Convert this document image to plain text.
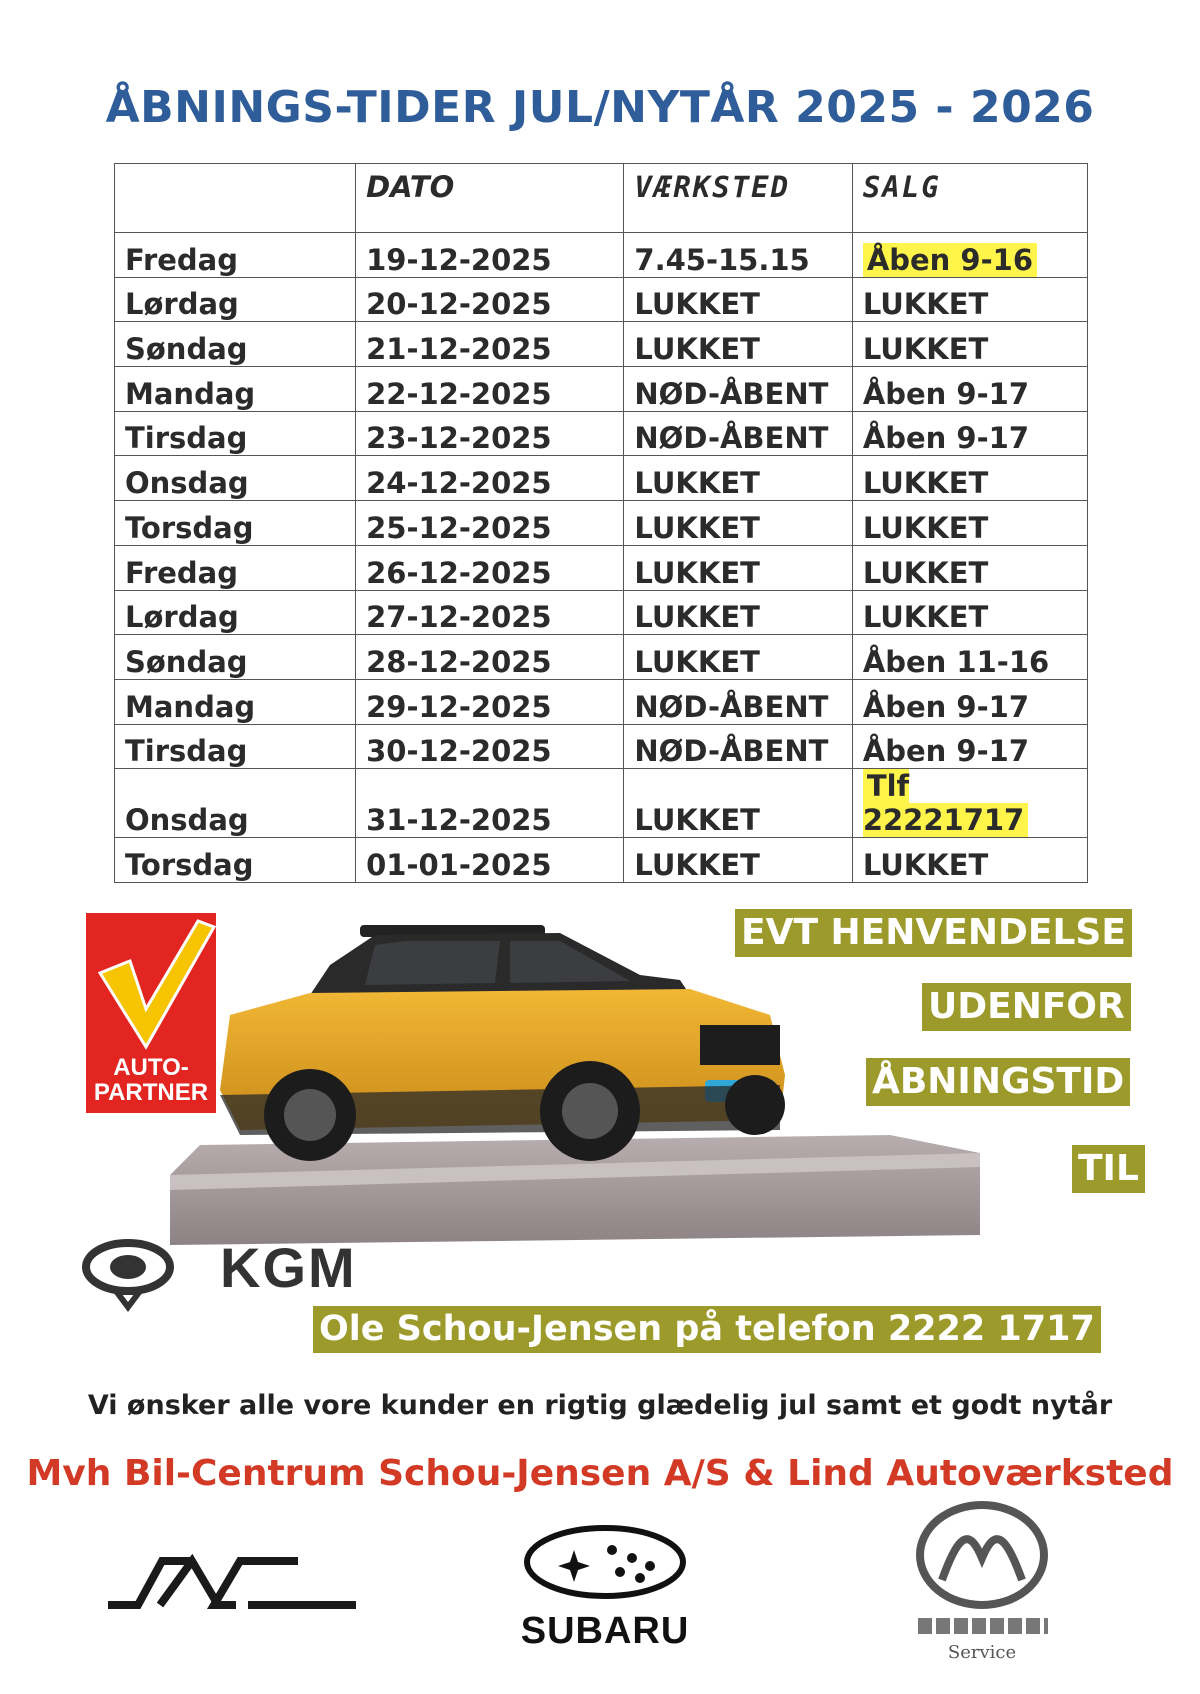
ÅBNINGS-TIDER JUL/NYTÅR 2025 - 2026
	DATO	VÆRKSTED	SALG
Fredag	19-12-2025	7.45-15.15	Åben 9-16
Lørdag	20-12-2025	LUKKET	LUKKET
Søndag	21-12-2025	LUKKET	LUKKET
Mandag	22-12-2025	NØD-ÅBENT	Åben 9-17
Tirsdag	23-12-2025	NØD-ÅBENT	Åben 9-17
Onsdag	24-12-2025	LUKKET	LUKKET
Torsdag	25-12-2025	LUKKET	LUKKET
Fredag	26-12-2025	LUKKET	LUKKET
Lørdag	27-12-2025	LUKKET	LUKKET
Søndag	28-12-2025	LUKKET	Åben 11-16
Mandag	29-12-2025	NØD-ÅBENT	Åben 9-17
Tirsdag	30-12-2025	NØD-ÅBENT	Åben 9-17
Onsdag	31-12-2025	LUKKET	Tlf 22221717
Torsdag	01-01-2025	LUKKET	LUKKET
AUTO-
PARTNER
EVT HENVENDELSE
UDENFOR
ÅBNINGSTID
TIL
Ole Schou-Jensen på telefon 2222 1717
KGM
Vi ønsker alle vore kunder en rigtig glædelig jul samt et godt nytår
Mvh Bil-Centrum Schou-Jensen A/S & Lind Autoværksted
SUBARU
Service
